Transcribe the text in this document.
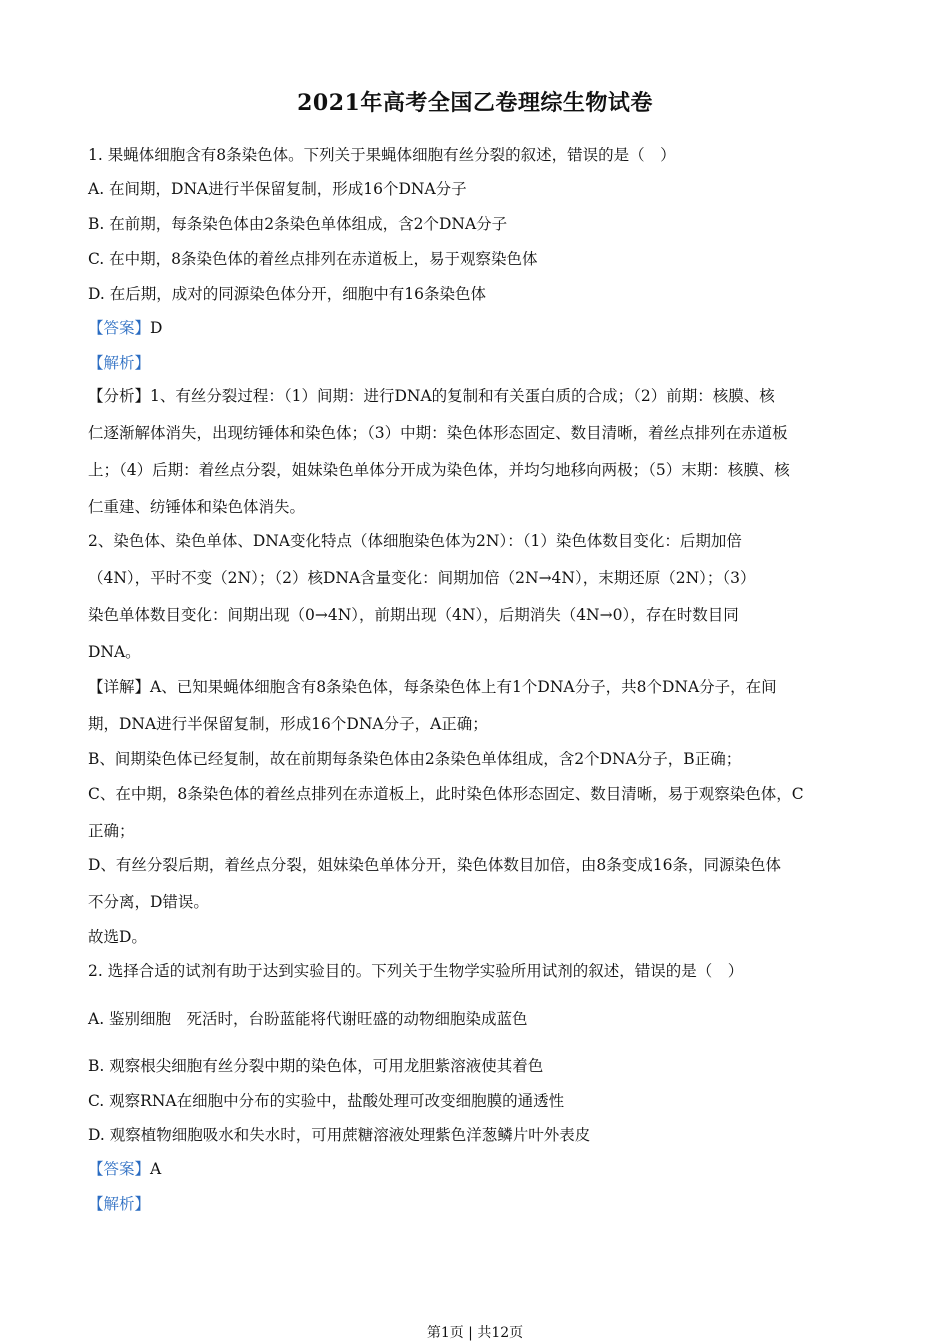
2021年高考全国乙卷理综生物试卷
1. 果蝇体细胞含有8条染色体。下列关于果蝇体细胞有丝分裂的叙述，错误的是（　）
A. 在间期，DNA进行半保留复制，形成16个DNA分子
B. 在前期，每条染色体由2条染色单体组成，含2个DNA分子
C. 在中期，8条染色体的着丝点排列在赤道板上，易于观察染色体
D. 在后期，成对的同源染色体分开，细胞中有16条染色体
【答案】D
【解析】
【分析】1、有丝分裂过程：（1）间期：进行DNA的复制和有关蛋白质的合成；（2）前期：核膜、核
仁逐渐解体消失，出现纺锤体和染色体；（3）中期：染色体形态固定、数目清晰，着丝点排列在赤道板
上；（4）后期：着丝点分裂，姐妹染色单体分开成为染色体，并均匀地移向两极；（5）末期：核膜、核
仁重建、纺锤体和染色体消失。
2、染色体、染色单体、DNA变化特点（体细胞染色体为2N）：（1）染色体数目变化：后期加倍
（4N），平时不变（2N）；（2）核DNA含量变化：间期加倍（2N→4N），末期还原（2N）；（3）
染色单体数目变化：间期出现（0→4N），前期出现（4N），后期消失（4N→0），存在时数目同
DNA。
【详解】A、已知果蝇体细胞含有8条染色体，每条染色体上有1个DNA分子，共8个DNA分子，在间
期，DNA进行半保留复制，形成16个DNA分子，A正确；
B、间期染色体已经复制，故在前期每条染色体由2条染色单体组成，含2个DNA分子，B正确；
C、在中期，8条染色体的着丝点排列在赤道板上，此时染色体形态固定、数目清晰，易于观察染色体，C
正确；
D、有丝分裂后期，着丝点分裂，姐妹染色单体分开，染色体数目加倍，由8条变成16条，同源染色体
不分离，D错误。
故选D。
2. 选择合适的试剂有助于达到实验目的。下列关于生物学实验所用试剂的叙述，错误的是（　）
A. 鉴别细胞　死活时，台盼蓝能将代谢旺盛的动物细胞染成蓝色
B. 观察根尖细胞有丝分裂中期的染色体，可用龙胆紫溶液使其着色
C. 观察RNA在细胞中分布的实验中，盐酸处理可改变细胞膜的通透性
D. 观察植物细胞吸水和失水时，可用蔗糖溶液处理紫色洋葱鳞片叶外表皮
【答案】A
【解析】
第1页 | 共12页
